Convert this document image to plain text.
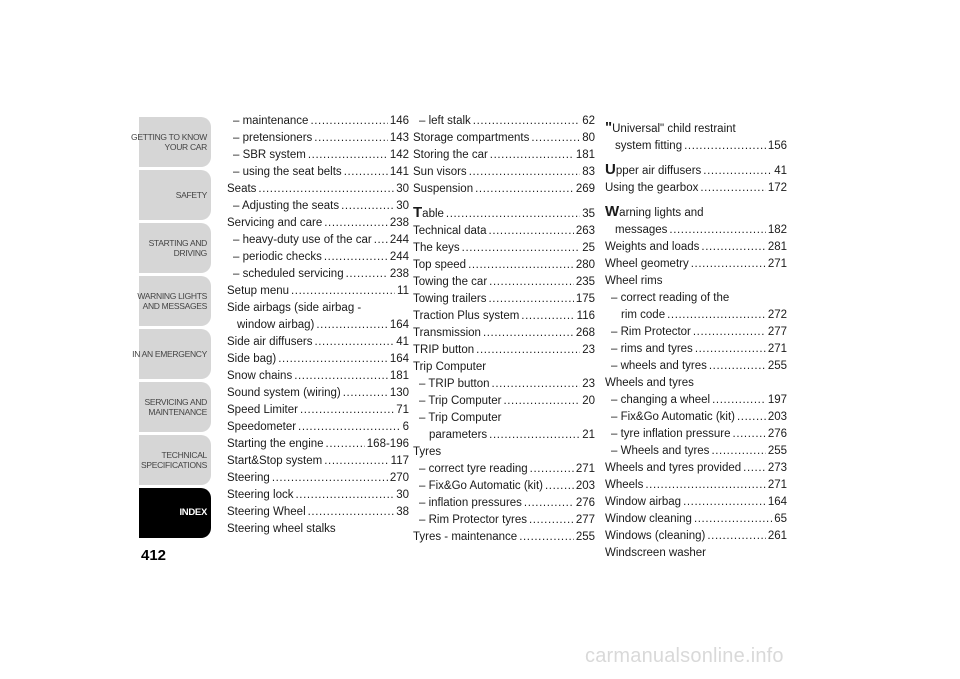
GETTING TO KNOW
YOUR CAR
SAFETY
STARTING AND
DRIVING
WARNING LIGHTS
AND MESSAGES
IN AN EMERGENCY
SERVICING AND
MAINTENANCE
TECHNICAL
SPECIFICATIONS
INDEX
412
– maintenance .....	146
– pretensioners .....	143
– SBR system .....	142
– using the seat belts .....	141
Seats .....	30
– Adjusting the seats .....	30
Servicing and care .....	238
– heavy-duty use of the car ..... 244
– periodic checks .....	244
– scheduled servicing .....	238
Setup menu .....	11
Side airbags (side airbag -
window airbag) .....	164
Side air diffusers .....	41
Side bag) .....	164
Snow chains .....	181
Sound system (wiring) .....	130
Speed Limiter .....	71
Speedometer .....	6
Starting the engine .....	168-196
Start&Stop system .....	117
Steering .....	270
Steering lock .....	30
Steering Wheel .....	38
Steering wheel stalks
– left stalk .....	62
Storage compartments .....	80
Storing the car .....	181
Sun visors .....	83
Suspension .....	269
Table .....	35
Technical data .....	263
The keys .....	25
Top speed .....	280
Towing the car .....	235
Towing trailers .....	175
Traction Plus system .....	116
Transmission .....	268
TRIP button .....	23
Trip Computer
– TRIP button .....	23
– Trip Computer .....	20
– Trip Computer
parameters .....	21
Tyres
– correct tyre reading .....	271
– Fix&Go Automatic (kit) .....	203
– inflation pressures .....	276
– Rim Protector tyres .....	277
Tyres - maintenance .....	255
"Universal" child restraint
system fitting .....	156
Upper air diffusers .....	41
Using the gearbox .....	172
Warning lights and
messages .....	182
Weights and loads .....	281
Wheel geometry .....	271
Wheel rims
– correct reading of the
rim code .....	272
– Rim Protector .....	277
– rims and tyres .....	271
– wheels and tyres .....	255
Wheels and tyres
– changing a wheel .....	197
– Fix&Go Automatic (kit) .....	203
– tyre inflation pressure .....	276
– Wheels and tyres .....	255
Wheels and tyres provided ..... 273
Wheels .....	271
Window airbag .....	164
Window cleaning .....	65
Windows (cleaning) .....	261
Windscreen washer
carmanualsonline.info
